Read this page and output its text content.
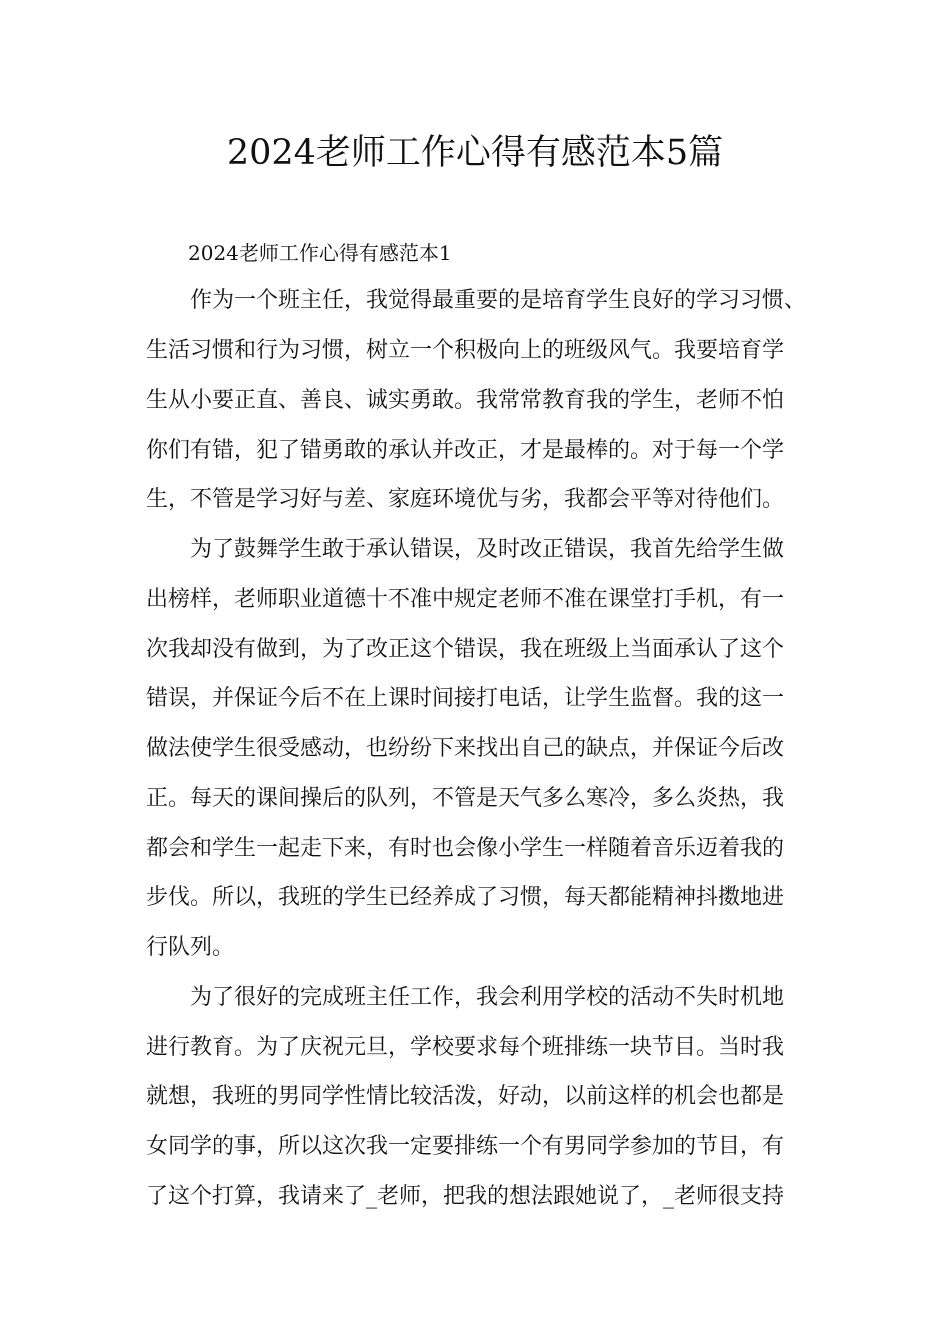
2024老师工作心得有感范本5篇

2024老师工作心得有感范本1

作为一个班主任，我觉得最重要的是培育学生良好的学习习惯、

生活习惯和行为习惯，树立一个积极向上的班级风气。我要培育学

生从小要正直、善良、诚实勇敢。我常常教育我的学生，老师不怕

你们有错，犯了错勇敢的承认并改正，才是最棒的。对于每一个学

生，不管是学习好与差、家庭环境优与劣，我都会平等对待他们。

为了鼓舞学生敢于承认错误，及时改正错误，我首先给学生做

出榜样，老师职业道德十不准中规定老师不准在课堂打手机，有一

次我却没有做到，为了改正这个错误，我在班级上当面承认了这个

错误，并保证今后不在上课时间接打电话，让学生监督。我的这一

做法使学生很受感动，也纷纷下来找出自己的缺点，并保证今后改

正。每天的课间操后的队列，不管是天气多么寒冷，多么炎热，我

都会和学生一起走下来，有时也会像小学生一样随着音乐迈着我的

步伐。所以，我班的学生已经养成了习惯，每天都能精神抖擞地进

行队列。

为了很好的完成班主任工作，我会利用学校的活动不失时机地

进行教育。为了庆祝元旦，学校要求每个班排练一块节目。当时我

就想，我班的男同学性情比较活泼，好动，以前这样的机会也都是

女同学的事，所以这次我一定要排练一个有男同学参加的节目，有

了这个打算，我请来了_老师，把我的想法跟她说了，_老师很支持
